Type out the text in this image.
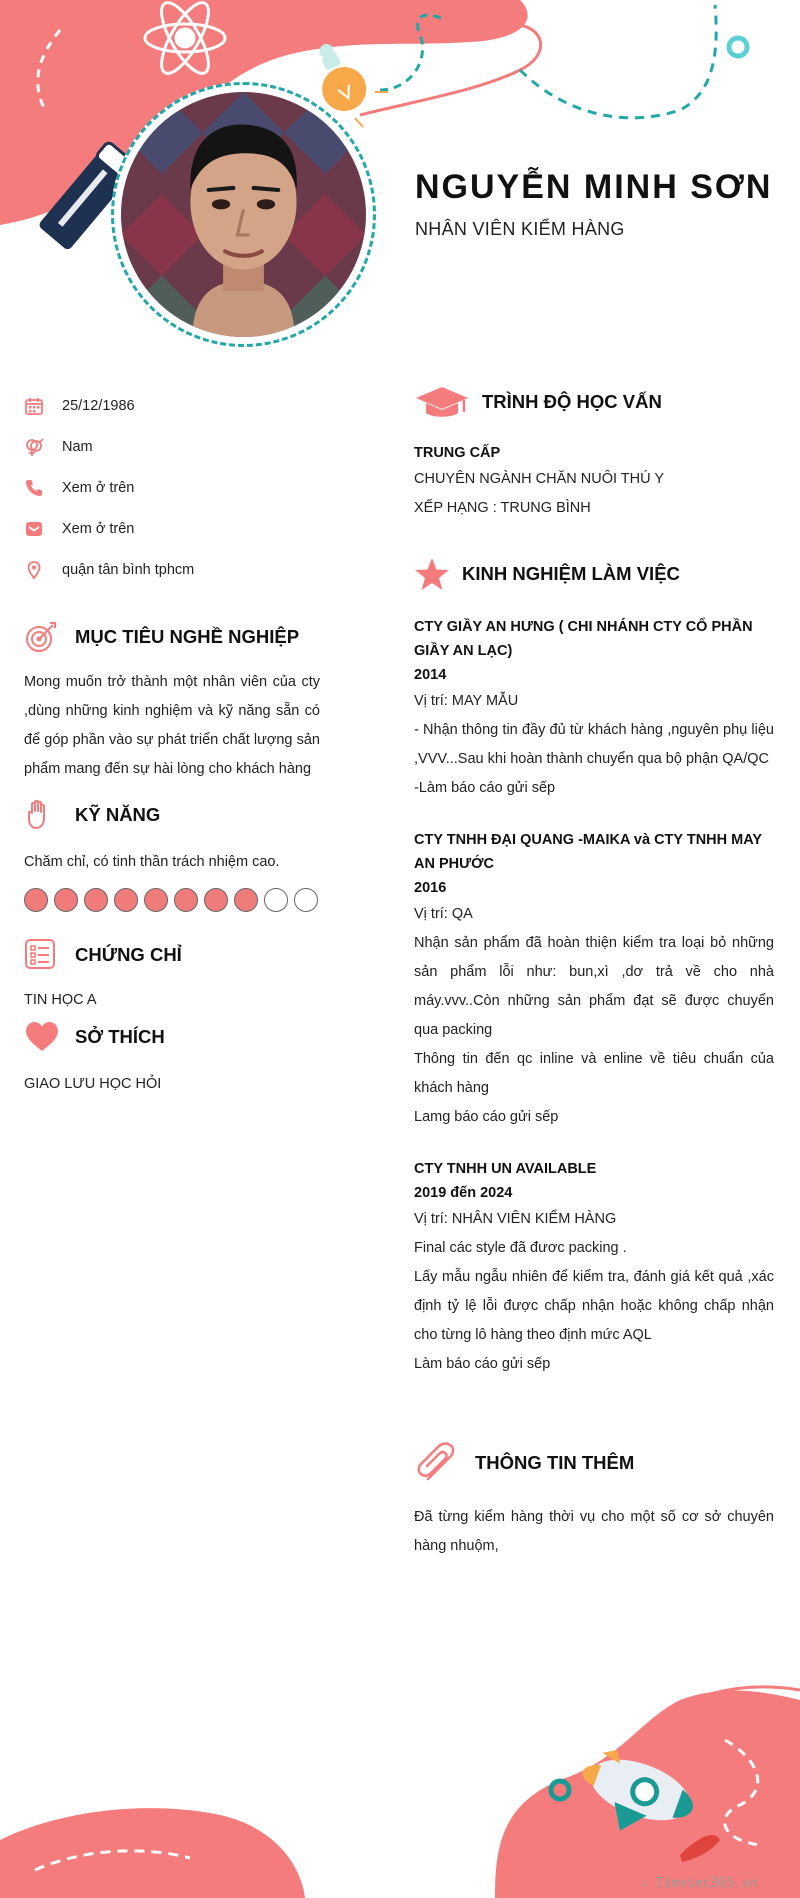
NGUYỄN MINH SƠN
NHÂN VIÊN KIỂM HÀNG
25/12/1986
Nam
Xem ở trên
Xem ở trên
quận tân bình tphcm
MỤC TIÊU NGHỀ NGHIỆP

Mong muốn trở thành một nhân viên của cty ,dùng những kinh nghiệm và kỹ năng sẵn có để góp phần vào sự phát triển chất lượng sản phẩm mang đến sự hài lòng cho khách hàng

KỸ NĂNG

Chăm chỉ, có tinh thần trách nhiệm cao.

CHỨNG CHỈ

TIN HỌC A

SỞ THÍCH

GIAO LƯU HỌC HỎI

TRÌNH ĐỘ HỌC VẤN
TRUNG CẤP
CHUYÊN NGÀNH CHĂN NUÔI THÚ Y
XẾP HẠNG : TRUNG BÌNH
KINH NGHIỆM LÀM VIỆC
CTY GIẦY AN HƯNG ( CHI NHÁNH CTY CỔ PHẦN GIẦY AN LẠC)
2014
Vị trí: MAY MẪU
- Nhận thông tin đầy đủ từ khách hàng ,nguyên phụ liệu ,VVV...Sau khi hoàn thành chuyển qua bộ phận QA/QC
-Làm báo cáo gửi sếp
CTY TNHH ĐẠI QUANG -MAIKA và CTY TNHH MAY AN PHƯỚC
2016
Vị trí: QA
Nhận sản phẩm đã hoàn thiện kiểm tra loại bỏ những sản phẩm lỗi như: bun,xì ,dơ trả về cho nhà máy.vvv..Còn những sản phẩm đạt sẽ được chuyển qua packing
Thông tin đến qc inline và enline về tiêu chuẩn của khách hàng
Lamg báo cáo gửi sếp
CTY TNHH UN AVAILABLE
2019 đến 2024
Vị trí: NHÂN VIÊN KIỂM HÀNG
Final các style đã đươc packing .
Lấy mẫu ngẫu nhiên để kiểm tra, đánh giá kết quả ,xác định tỷ lệ lỗi được chấp nhận hoặc không chấp nhận cho từng lô hàng theo định mức AQL
Làm báo cáo gửi sếp
THÔNG TIN THÊM

Đã từng kiểm hàng thời vụ cho một số cơ sở chuyên hàng nhuộm,

∴ Timviec365.vn
